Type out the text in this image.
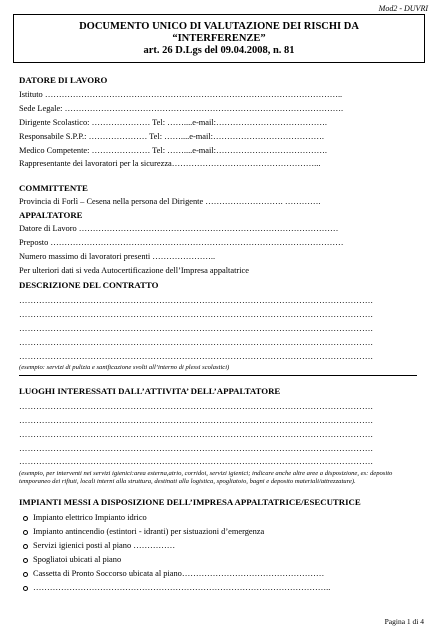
Mod2 - DUVRI
DOCUMENTO UNICO DI VALUTAZIONE DEI RISCHI DA
“INTERFERENZE”
art. 26 D.Lgs del 09.04.2008, n. 81
DATORE DI LAVORO
Istituto ……………………………………………………………………………………………..
Sede Legale: ……………………………………………………………………………………….
Dirigente Scolastico: ………………… Tel: ……....e-mail:………………………………….
Responsabile S.P.P.: ………………… Tel: ……....e-mail:………………………………….
Medico Competente: ………………… Tel: ……....e-mail:………………………………….
Rappresentante dei lavoratori per la sicurezza……………………………………………...
COMMITTENTE
Provincia di Forlì – Cesena nella persona del Dirigente ………………………. ………….
APPALTATORE
Datore di Lavoro …………………………………………………………………………………
Preposto ……………………………………………………………………………………………
Numero massimo di lavoratori presenti …………………..
Per ulteriori dati si veda Autocertificazione dell’Impresa appaltatrice
DESCRIZIONE DEL CONTRATTO
…………………………………………………………………………………………………………….
…………………………………………………………………………………………………………….
…………………………………………………………………………………………………………….
…………………………………………………………………………………………………………….
…………………………………………………………………………………………………………….
(esempio: servizi di pulizia e sanificazione svolti all’interno di plessi scolastici)
LUOGHI INTERESSATI DALL’ATTIVITA’ DELL’APPALTATORE
…………………………………………………………………………………………………………….
…………………………………………………………………………………………………………….
…………………………………………………………………………………………………………….
…………………………………………………………………………………………………………….
…………………………………………………………………………………………………………….
(esempio, per interventi nei servizi igienici:area esterna,atrio, corridoi, servizi igienici; indicare anche altre aree a disposizione, es: deposito temporaneo dei rifiuti, locali interni alla struttura, destinati alla logistica, spogliatoio, bagni e deposito materiali/attrezzature).
IMPIANTI MESSI A DISPOSIZIONE DELL’IMPRESA APPALTATRICE/ESECUTRICE
Impianto elettrico Impianto idrico
Impianto antincendio (estintori - idranti) per sistuazioni d’emergenza
Servizi igienici posti al piano ……………
Spogliatoi ubicati al piano
Cassetta di Pronto Soccorso ubicata al piano……………………………………………
……………………………………………………………………………………………..
Pagina 1 di 4
